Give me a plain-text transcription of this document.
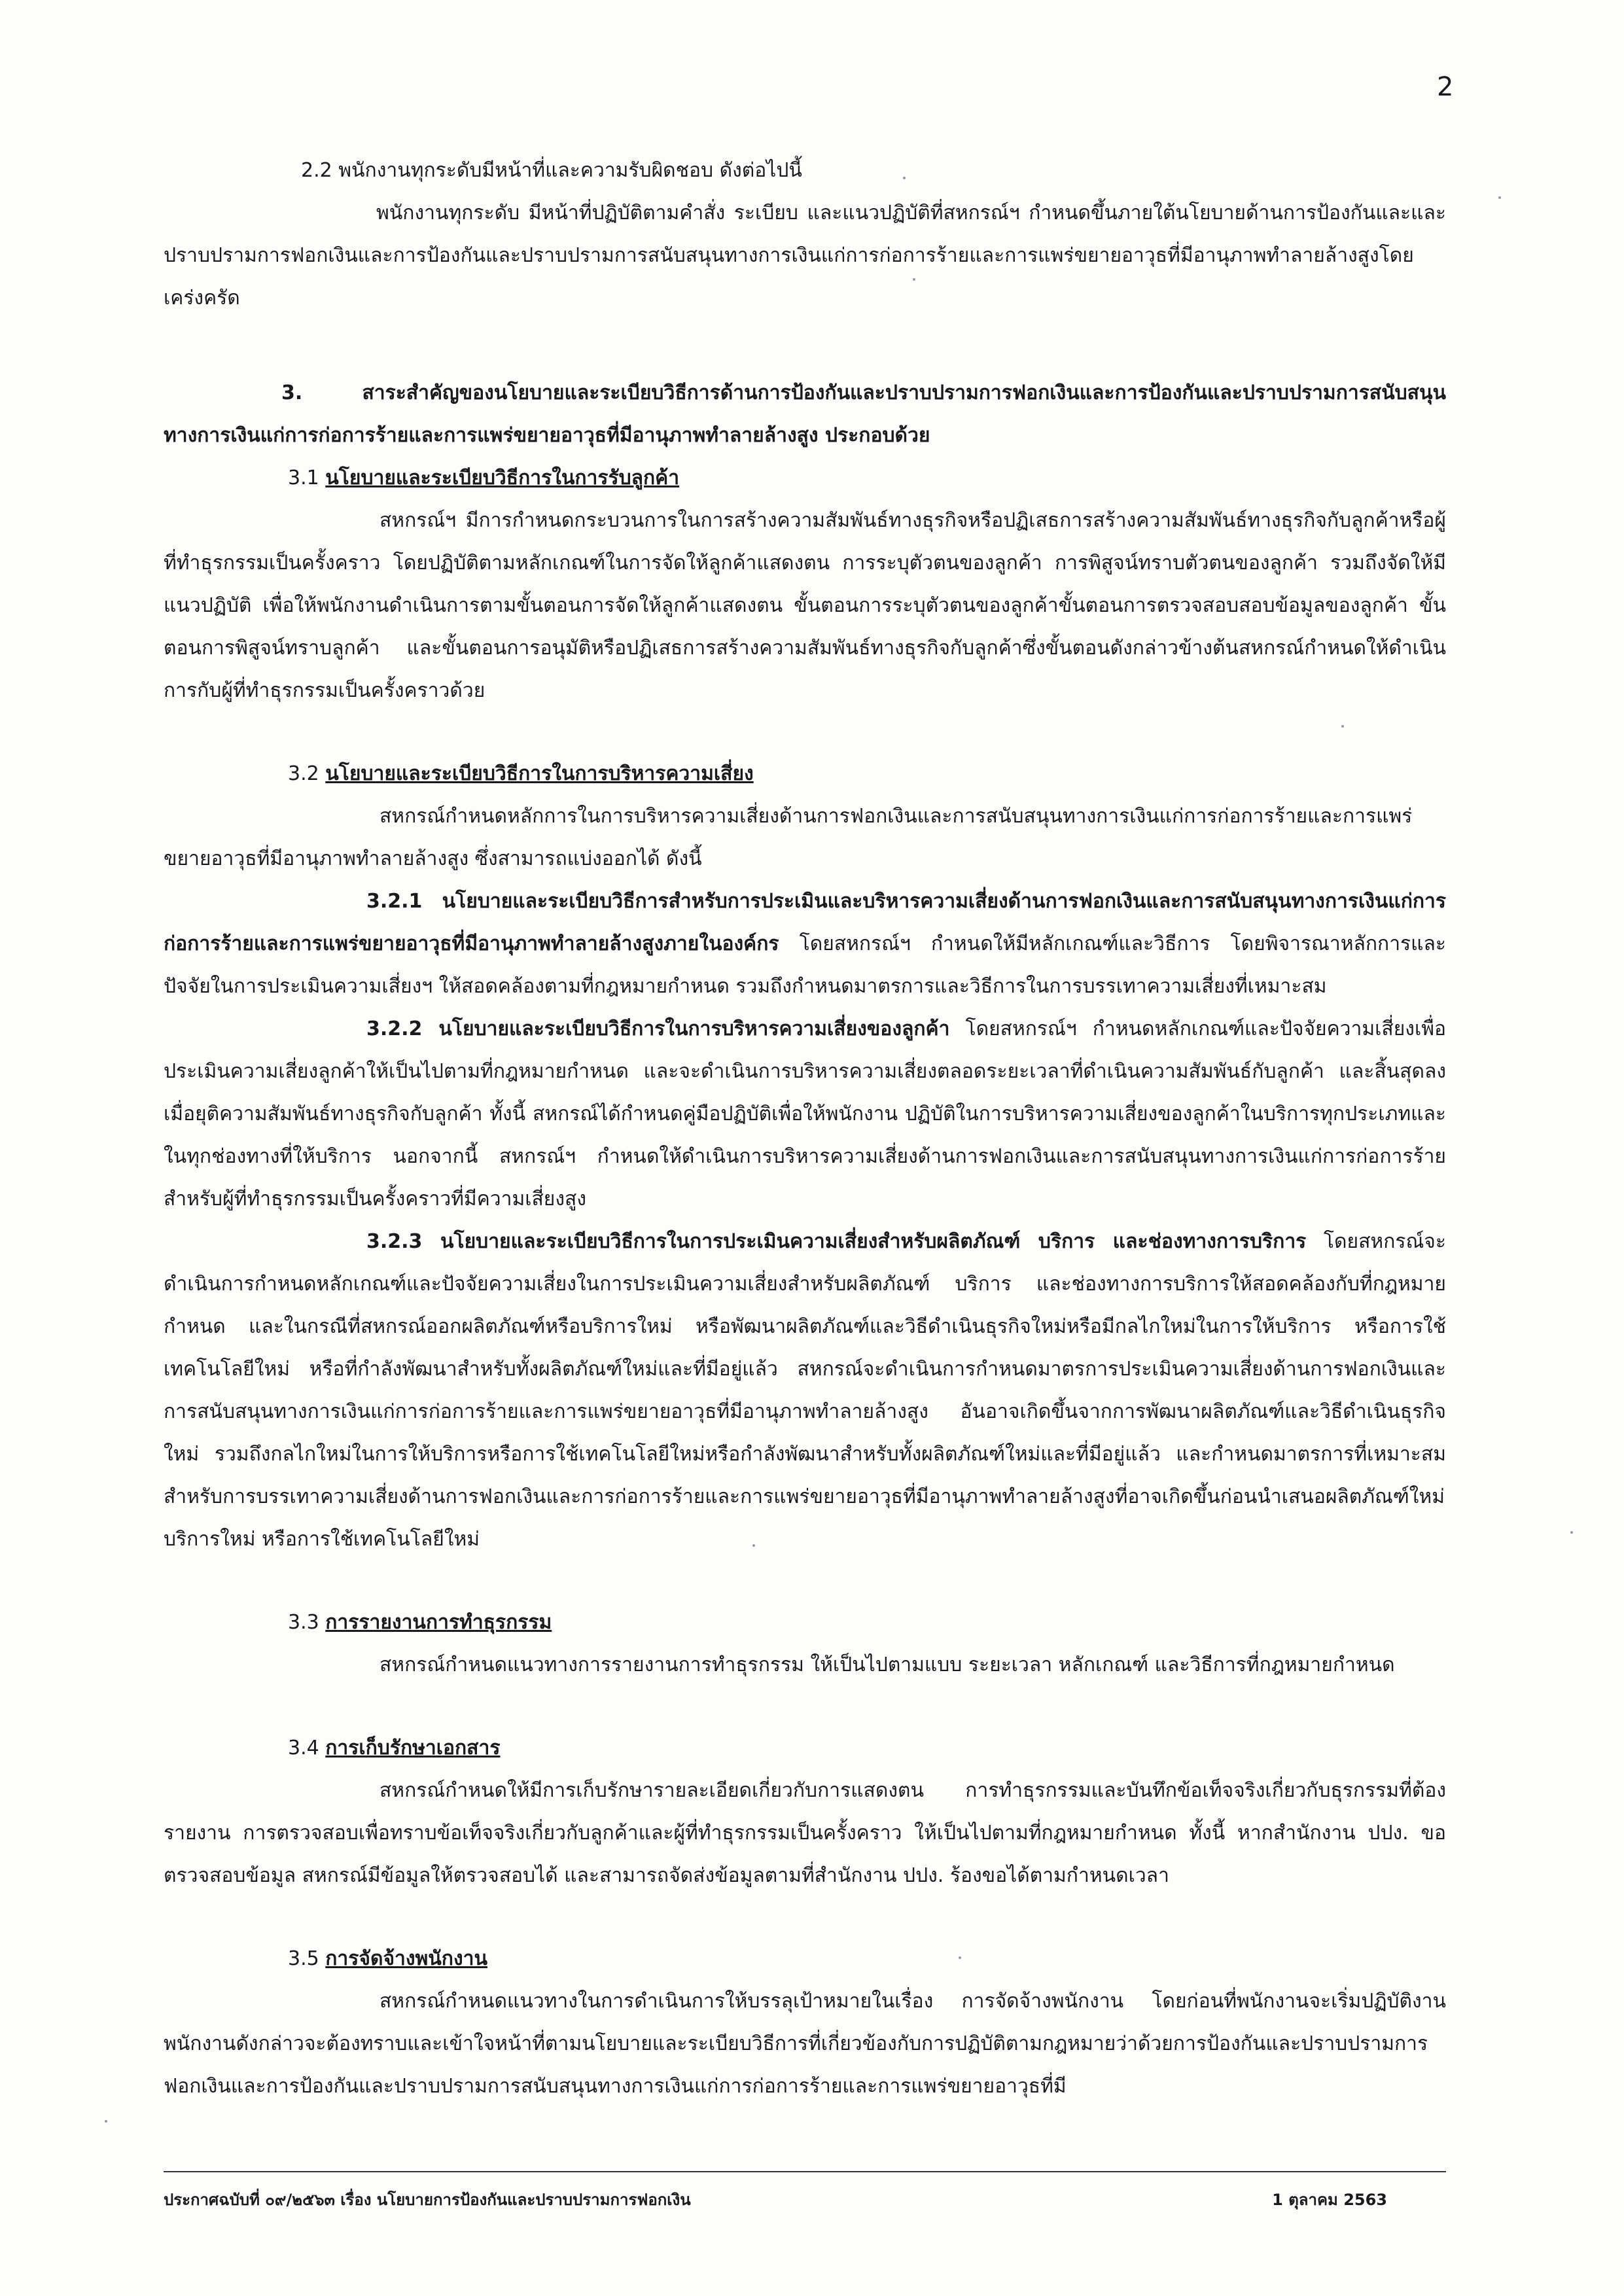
2

2.2 พนักงานทุกระดับมีหน้าที่และความรับผิดชอบ ดังต่อไปนี้

พนักงานทุกระดับ มีหน้าที่ปฏิบัติตามคำสั่ง ระเบียบ และแนวปฏิบัติที่สหกรณ์ฯ กำหนดขึ้นภายใต้นโยบายด้านการป้องกันและและปราบปรามการฟอกเงินและการป้องกันและปราบปรามการสนับสนุนทางการเงินแก่การก่อการร้ายและการแพร่ขยายอาวุธที่มีอานุภาพทำลายล้างสูงโดยเคร่งครัด

3. สาระสำคัญของนโยบายและระเบียบวิธีการด้านการป้องกันและปราบปรามการฟอกเงินและการป้องกันและปราบปรามการสนับสนุนทางการเงินแก่การก่อการร้ายและการแพร่ขยายอาวุธที่มีอานุภาพทำลายล้างสูง ประกอบด้วย

3.1 นโยบายและระเบียบวิธีการในการรับลูกค้า

สหกรณ์ฯ มีการกำหนดกระบวนการในการสร้างความสัมพันธ์ทางธุรกิจหรือปฏิเสธการสร้างความสัมพันธ์ทางธุรกิจกับลูกค้าหรือผู้ที่ทำธุรกรรมเป็นครั้งคราว โดยปฏิบัติตามหลักเกณฑ์ในการจัดให้ลูกค้าแสดงตน การระบุตัวตนของลูกค้า การพิสูจน์ทราบตัวตนของลูกค้า รวมถึงจัดให้มีแนวปฏิบัติ เพื่อให้พนักงานดำเนินการตามขั้นตอนการจัดให้ลูกค้าแสดงตน ขั้นตอนการระบุตัวตนของลูกค้าขั้นตอนการตรวจสอบสอบข้อมูลของลูกค้า ขั้นตอนการพิสูจน์ทราบลูกค้า และขั้นตอนการอนุมัติหรือปฏิเสธการสร้างความสัมพันธ์ทางธุรกิจกับลูกค้าซึ่งขั้นตอนดังกล่าวข้างต้นสหกรณ์กำหนดให้ดำเนินการกับผู้ที่ทำธุรกรรมเป็นครั้งคราวด้วย

3.2 นโยบายและระเบียบวิธีการในการบริหารความเสี่ยง

สหกรณ์กำหนดหลักการในการบริหารความเสี่ยงด้านการฟอกเงินและการสนับสนุนทางการเงินแก่การก่อการร้ายและการแพร่ขยายอาวุธที่มีอานุภาพทำลายล้างสูง ซึ่งสามารถแบ่งออกได้ ดังนี้

3.2.1 นโยบายและระเบียบวิธีการสำหรับการประเมินและบริหารความเสี่ยงด้านการฟอกเงินและการสนับสนุนทางการเงินแก่การก่อการร้ายและการแพร่ขยายอาวุธที่มีอานุภาพทำลายล้างสูงภายในองค์กร โดยสหกรณ์ฯ กำหนดให้มีหลักเกณฑ์และวิธีการ โดยพิจารณาหลักการและปัจจัยในการประเมินความเสี่ยงฯ ให้สอดคล้องตามที่กฎหมายกำหนด รวมถึงกำหนดมาตรการและวิธีการในการบรรเทาความเสี่ยงที่เหมาะสม

3.2.2 นโยบายและระเบียบวิธีการในการบริหารความเสี่ยงของลูกค้า โดยสหกรณ์ฯ กำหนดหลักเกณฑ์และปัจจัยความเสี่ยงเพื่อประเมินความเสี่ยงลูกค้าให้เป็นไปตามที่กฎหมายกำหนด และจะดำเนินการบริหารความเสี่ยงตลอดระยะเวลาที่ดำเนินความสัมพันธ์กับลูกค้า และสิ้นสุดลงเมื่อยุติความสัมพันธ์ทางธุรกิจกับลูกค้า ทั้งนี้ สหกรณ์ได้กำหนดคู่มือปฏิบัติเพื่อให้พนักงาน ปฏิบัติในการบริหารความเสี่ยงของลูกค้าในบริการทุกประเภทและในทุกช่องทางที่ให้บริการ นอกจากนี้ สหกรณ์ฯ กำหนดให้ดำเนินการบริหารความเสี่ยงด้านการฟอกเงินและการสนับสนุนทางการเงินแก่การก่อการร้ายสำหรับผู้ที่ทำธุรกรรมเป็นครั้งคราวที่มีความเสี่ยงสูง

3.2.3 นโยบายและระเบียบวิธีการในการประเมินความเสี่ยงสำหรับผลิตภัณฑ์ บริการ และช่องทางการบริการ โดยสหกรณ์จะดำเนินการกำหนดหลักเกณฑ์และปัจจัยความเสี่ยงในการประเมินความเสี่ยงสำหรับผลิตภัณฑ์ บริการ และช่องทางการบริการให้สอดคล้องกับที่กฎหมายกำหนด และในกรณีที่สหกรณ์ออกผลิตภัณฑ์หรือบริการใหม่ หรือพัฒนาผลิตภัณฑ์และวิธีดำเนินธุรกิจใหม่หรือมีกลไกใหม่ในการให้บริการ หรือการใช้เทคโนโลยีใหม่ หรือที่กำลังพัฒนาสำหรับทั้งผลิตภัณฑ์ใหม่และที่มีอยู่แล้ว สหกรณ์จะดำเนินการกำหนดมาตรการประเมินความเสี่ยงด้านการฟอกเงินและการสนับสนุนทางการเงินแก่การก่อการร้ายและการแพร่ขยายอาวุธที่มีอานุภาพทำลายล้างสูง อันอาจเกิดขึ้นจากการพัฒนาผลิตภัณฑ์และวิธีดำเนินธุรกิจใหม่ รวมถึงกลไกใหม่ในการให้บริการหรือการใช้เทคโนโลยีใหม่หรือกำลังพัฒนาสำหรับทั้งผลิตภัณฑ์ใหม่และที่มีอยู่แล้ว และกำหนดมาตรการที่เหมาะสมสำหรับการบรรเทาความเสี่ยงด้านการฟอกเงินและการก่อการร้ายและการแพร่ขยายอาวุธที่มีอานุภาพทำลายล้างสูงที่อาจเกิดขึ้นก่อนนำเสนอผลิตภัณฑ์ใหม่ บริการใหม่ หรือการใช้เทคโนโลยีใหม่

3.3 การรายงานการทำธุรกรรม

สหกรณ์กำหนดแนวทางการรายงานการทำธุรกรรม ให้เป็นไปตามแบบ ระยะเวลา หลักเกณฑ์ และวิธีการที่กฎหมายกำหนด

3.4 การเก็บรักษาเอกสาร

สหกรณ์กำหนดให้มีการเก็บรักษารายละเอียดเกี่ยวกับการแสดงตน การทำธุรกรรมและบันทึกข้อเท็จจริงเกี่ยวกับธุรกรรมที่ต้องรายงาน การตรวจสอบเพื่อทราบข้อเท็จจริงเกี่ยวกับลูกค้าและผู้ที่ทำธุรกรรมเป็นครั้งคราว ให้เป็นไปตามที่กฎหมายกำหนด ทั้งนี้ หากสำนักงาน ปปง. ขอตรวจสอบข้อมูล สหกรณ์มีข้อมูลให้ตรวจสอบได้ และสามารถจัดส่งข้อมูลตามที่สำนักงาน ปปง. ร้องขอได้ตามกำหนดเวลา

3.5 การจัดจ้างพนักงาน

สหกรณ์กำหนดแนวทางในการดำเนินการให้บรรลุเป้าหมายในเรื่อง การจัดจ้างพนักงาน โดยก่อนที่พนักงานจะเริ่มปฏิบัติงาน พนักงานดังกล่าวจะต้องทราบและเข้าใจหน้าที่ตามนโยบายและระเบียบวิธีการที่เกี่ยวข้องกับการปฏิบัติตามกฎหมายว่าด้วยการป้องกันและปราบปรามการฟอกเงินและการป้องกันและปราบปรามการสนับสนุนทางการเงินแก่การก่อการร้ายและการแพร่ขยายอาวุธที่มี

ประกาศฉบับที่ ๐๙/๒๕๖๓ เรื่อง นโยบายการป้องกันและปราบปรามการฟอกเงิน	1 ตุลาคม 2563
